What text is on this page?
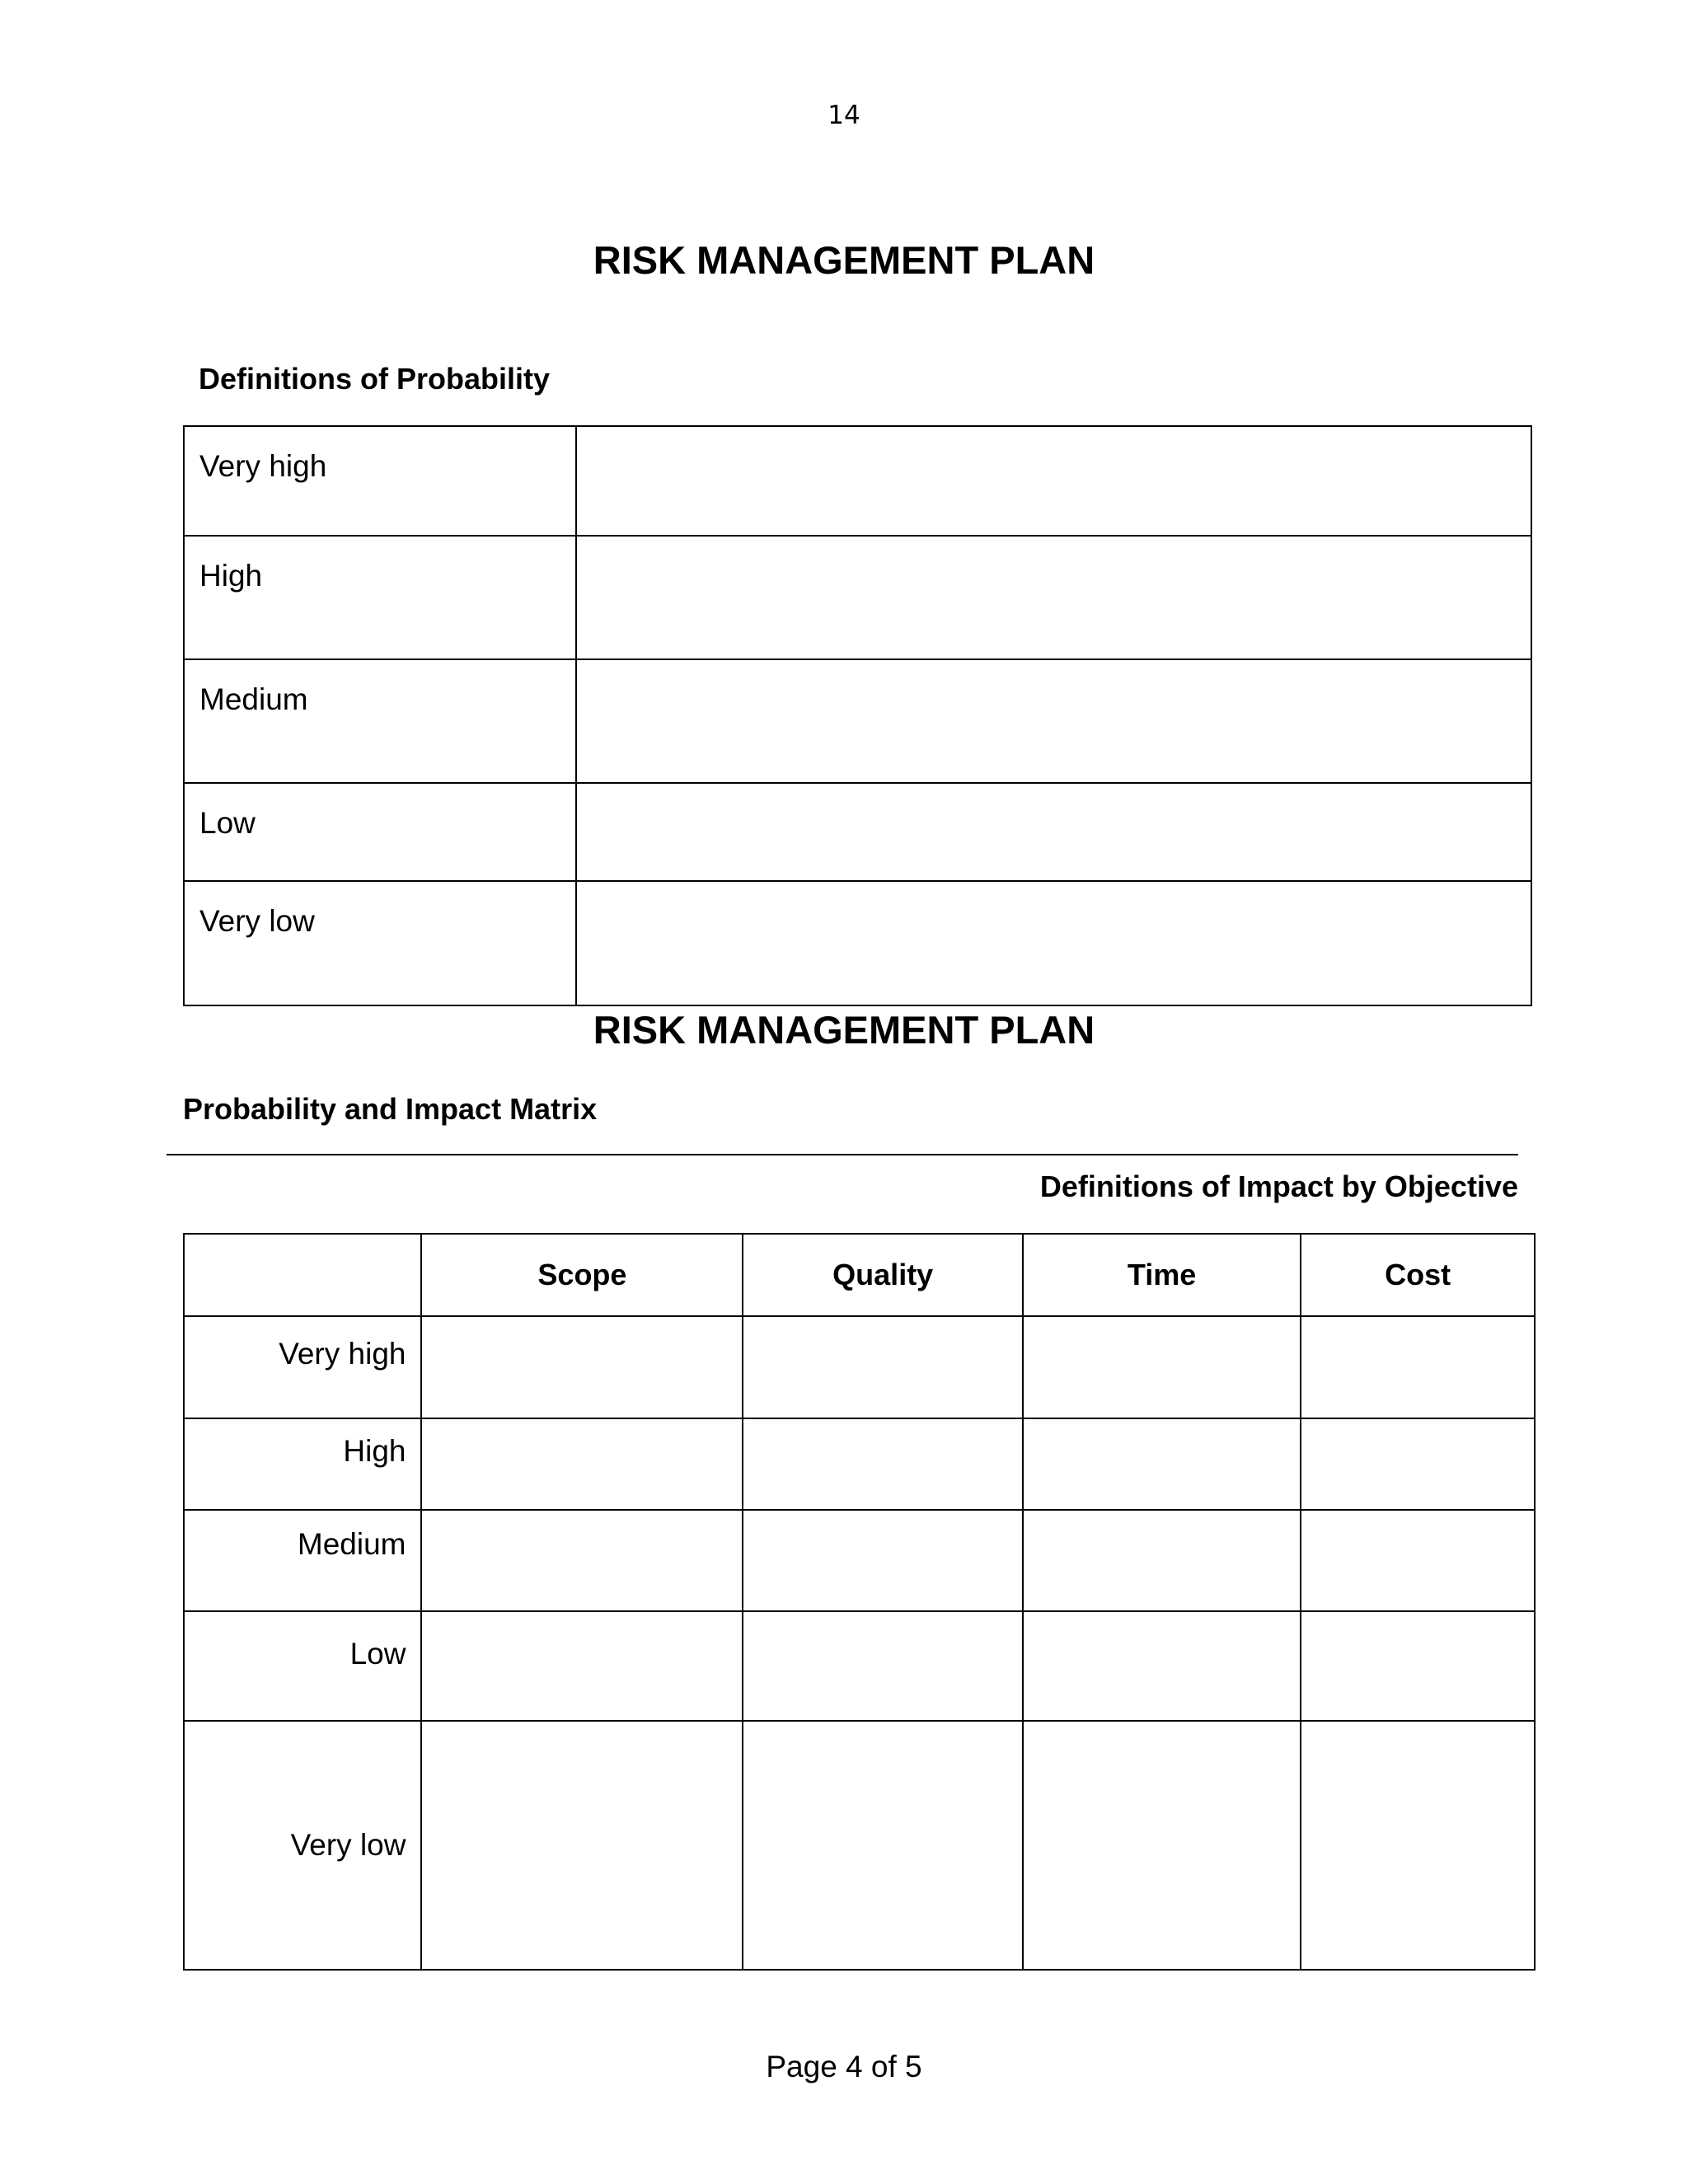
14
RISK MANAGEMENT PLAN
Definitions of Probability
Very high	
High	
Medium	
Low	
Very low	
RISK MANAGEMENT PLAN
Probability and Impact Matrix
Definitions of Impact by Objective
	Scope	Quality	Time	Cost
Very high				
High				
Medium				
Low				
Very low				
Page 4 of 5
